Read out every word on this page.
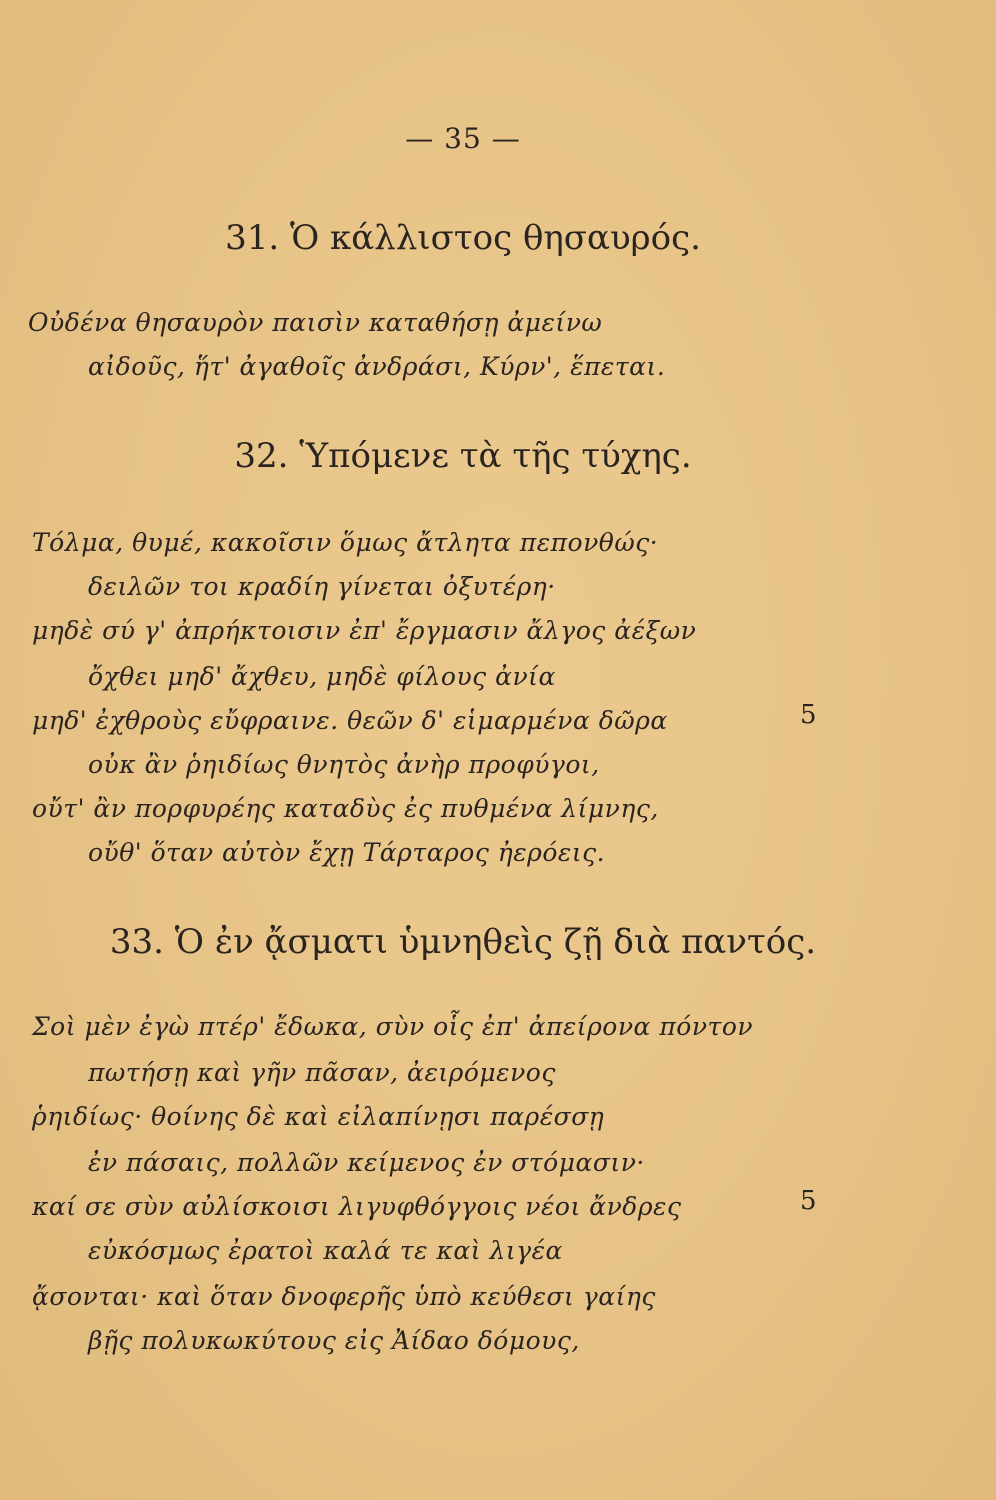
— 35 —
31. Ὁ κάλλιστος θησαυρός.
Οὐδένα θησαυρὸν παισὶν καταθήσῃ ἀμείνω
αἰδοῦς, ἥτ' ἀγαθοῖς ἀνδράσι, Κύρν', ἕπεται.
32. Ὑπόμενε τὰ τῆς τύχης.
Τόλμα, θυμέ, κακοῖσιν ὅμως ἄτλητα πεπονθώς·
δειλῶν τοι κραδίη γίνεται ὀξυτέρη·
μηδὲ σύ γ' ἀπρήκτοισιν ἐπ' ἔργμασιν ἄλγος ἀέξων
ὄχθει μηδ' ἄχθευ, μηδὲ φίλους ἀνία
μηδ' ἐχθροὺς εὔφραινε. θεῶν δ' εἱμαρμένα δῶρα	5
οὐκ ἂν ῥηιδίως θνητὸς ἀνὴρ προφύγοι,
οὔτ' ἂν πορφυρέης καταδὺς ἐς πυθμένα λίμνης,
οὔθ' ὅταν αὐτὸν ἔχῃ Τάρταρος ἠερόεις.
33. Ὁ ἐν ᾄσματι ὑμνηθεὶς ζῇ διὰ παντός.
Σοὶ μὲν ἐγὼ πτέρ' ἔδωκα, σὺν οἷς ἐπ' ἀπείρονα πόντον
πωτήσῃ καὶ γῆν πᾶσαν, ἀειρόμενος
ῥηιδίως· θοίνης δὲ καὶ εἰλαπίνῃσι παρέσσῃ
ἐν πάσαις, πολλῶν κείμενος ἐν στόμασιν·
καί σε σὺν αὐλίσκοισι λιγυφθόγγοις νέοι ἄνδρες	5
εὐκόσμως ἐρατοὶ καλά τε καὶ λιγέα
ᾄσονται· καὶ ὅταν δνοφερῆς ὑπὸ κεύθεσι γαίης
βῇς πολυκωκύτους εἰς Ἀίδαο δόμους,
